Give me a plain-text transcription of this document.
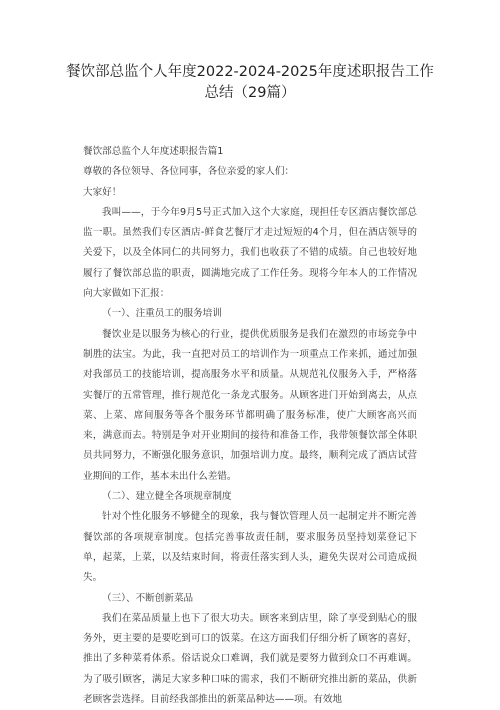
餐饮部总监个人年度2022-2024-2025年度述职报告工作总结（29篇）

餐饮部总监个人年度述职报告篇1

尊敬的各位领导、各位同事，各位亲爱的家人们：

大家好！

我叫——，于今年9月5号正式加入这个大家庭，现担任专区酒店餐饮部总监一职。虽然我们专区酒店-鲜食艺餐厅才走过短短的4个月，但在酒店领导的关爱下，以及全体同仁的共同努力，我们也收获了不错的成绩。自己也较好地履行了餐饮部总监的职责，圆满地完成了工作任务。现将今年本人的工作情况向大家做如下汇报：

（一）、注重员工的服务培训

餐饮业是以服务为核心的行业，提供优质服务是我们在激烈的市场竞争中制胜的法宝。为此，我一直把对员工的培训作为一项重点工作来抓，通过加强对我部员工的技能培训，提高服务水平和质量。从规范礼仪服务入手，严格落实餐厅的五常管理，推行规范化一条龙式服务。从顾客进门开始到离去，从点菜、上菜、席间服务等各个服务环节都明确了服务标准，使广大顾客高兴而来，满意而去。特别是争对开业期间的接待和准备工作，我带领餐饮部全体职员共同努力，不断强化服务意识，加强培训力度。最终，顺利完成了酒店试营业期间的工作，基本未出什么差错。

（二）、建立健全各项规章制度

针对个性化服务不够健全的现象，我与餐饮管理人员一起制定并不断完善餐饮部的各项规章制度。包括完善事故责任制，要求服务员坚持划菜登记下单，起菜，上菜，以及结束时间，将责任落实到人头，避免失误对公司造成损失。

（三）、不断创新菜品

我们在菜品质量上也下了很大功夫。顾客来到店里，除了享受到贴心的服务外，更主要的是要吃到可口的饭菜。在这方面我们仔细分析了顾客的喜好，推出了多种菜肴体系。俗话说众口难调，我们就是要努力做到众口不再难调。为了吸引顾客，满足大家多种口味的需求，我们不断研究推出新的菜品，供新老顾客尝选择。目前经我部推出的新菜品种达——项。有效地
